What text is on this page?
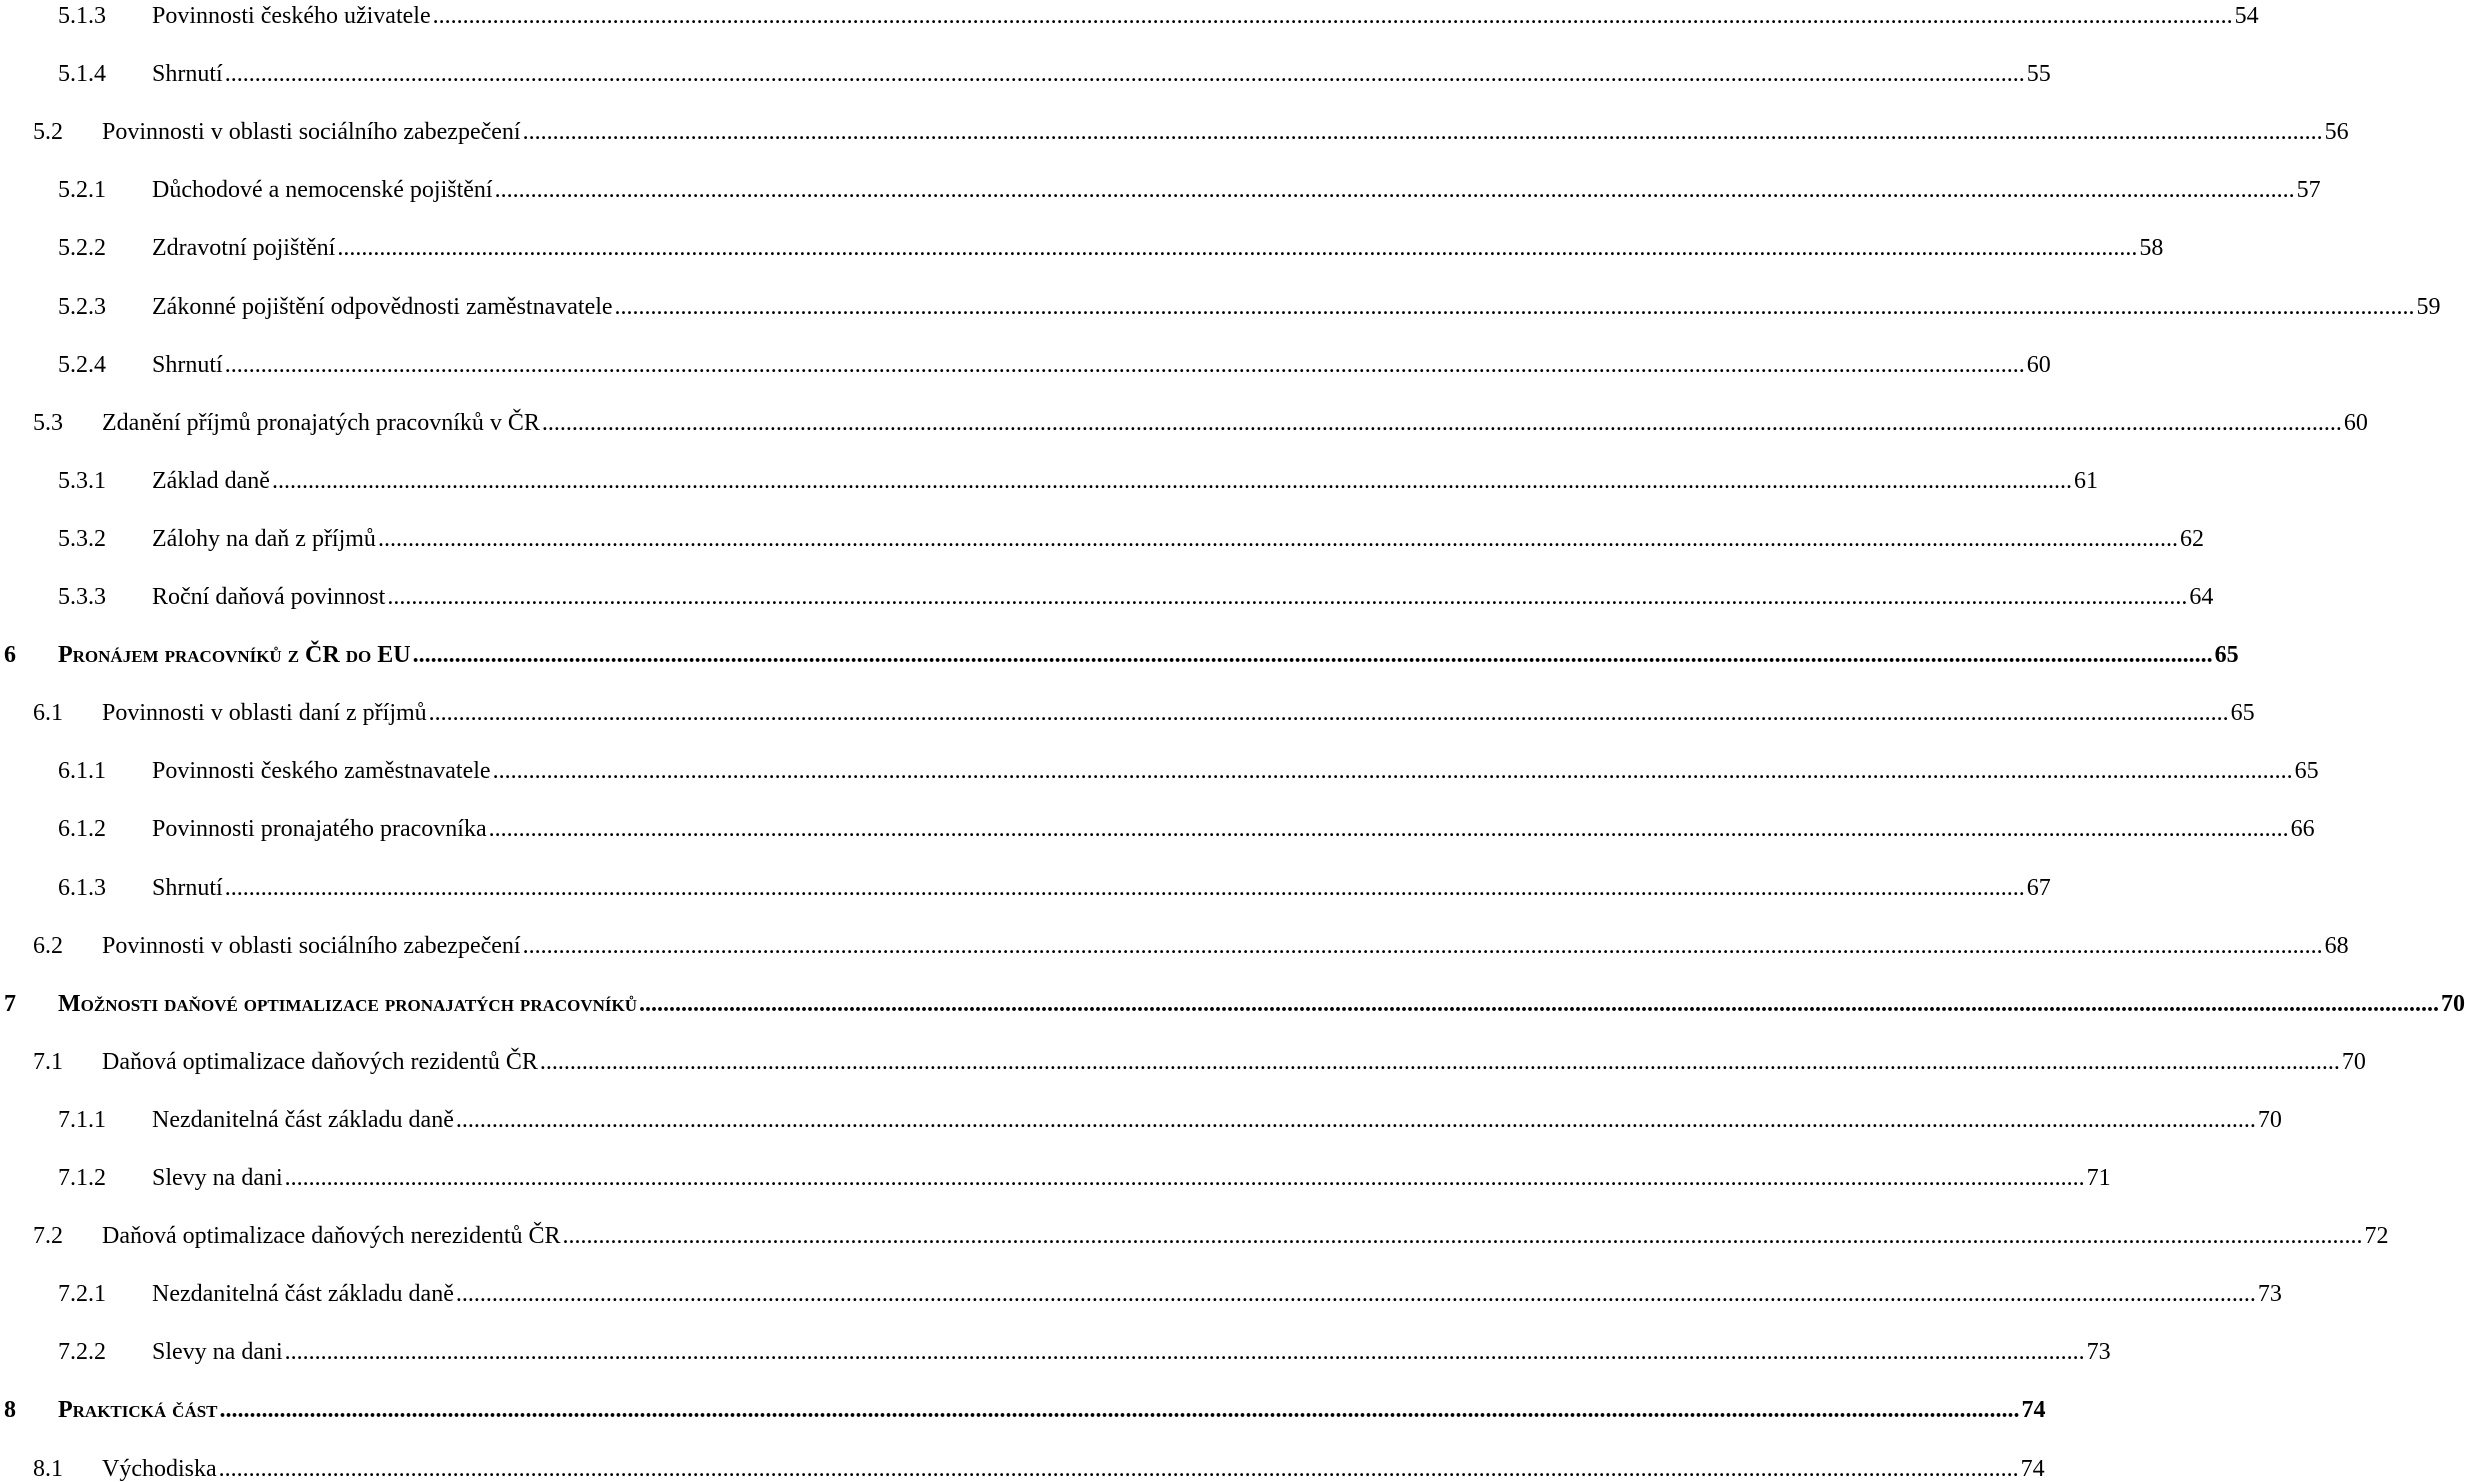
5.1.3 Povinnosti českého uživatele ............................................................................................................................................................................................................................................................................................................ 54
5.1.4 Shrnutí ............................................................................................................................................................................................................................................................................................................ 55
5.2 Povinnosti v oblasti sociálního zabezpečení ............................................................................................................................................................................................................................................................................................................ 56
5.2.1 Důchodové a nemocenské pojištění ............................................................................................................................................................................................................................................................................................................ 57
5.2.2 Zdravotní pojištění ............................................................................................................................................................................................................................................................................................................ 58
5.2.3 Zákonné pojištění odpovědnosti zaměstnavatele ............................................................................................................................................................................................................................................................................................................ 59
5.2.4 Shrnutí ............................................................................................................................................................................................................................................................................................................ 60
5.3 Zdanění příjmů pronajatých pracovníků v ČR ............................................................................................................................................................................................................................................................................................................ 60
5.3.1 Základ daně ............................................................................................................................................................................................................................................................................................................ 61
5.3.2 Zálohy na daň z příjmů ............................................................................................................................................................................................................................................................................................................ 62
5.3.3 Roční daňová povinnost ............................................................................................................................................................................................................................................................................................................ 64
6 Pronájem pracovníků z ČR do EU ............................................................................................................................................................................................................................................................................................................ 65
6.1 Povinnosti v oblasti daní z příjmů ............................................................................................................................................................................................................................................................................................................ 65
6.1.1 Povinnosti českého zaměstnavatele ............................................................................................................................................................................................................................................................................................................ 65
6.1.2 Povinnosti pronajatého pracovníka ............................................................................................................................................................................................................................................................................................................ 66
6.1.3 Shrnutí ............................................................................................................................................................................................................................................................................................................ 67
6.2 Povinnosti v oblasti sociálního zabezpečení ............................................................................................................................................................................................................................................................................................................ 68
7 Možnosti daňové optimalizace pronajatých pracovníků ............................................................................................................................................................................................................................................................................................................ 70
7.1 Daňová optimalizace daňových rezidentů ČR ............................................................................................................................................................................................................................................................................................................ 70
7.1.1 Nezdanitelná část základu daně ............................................................................................................................................................................................................................................................................................................ 70
7.1.2 Slevy na dani ............................................................................................................................................................................................................................................................................................................ 71
7.2 Daňová optimalizace daňových nerezidentů ČR ............................................................................................................................................................................................................................................................................................................ 72
7.2.1 Nezdanitelná část základu daně ............................................................................................................................................................................................................................................................................................................ 73
7.2.2 Slevy na dani ............................................................................................................................................................................................................................................................................................................ 73
8 Praktická část ............................................................................................................................................................................................................................................................................................................ 74
8.1 Východiska ............................................................................................................................................................................................................................................................................................................ 74
